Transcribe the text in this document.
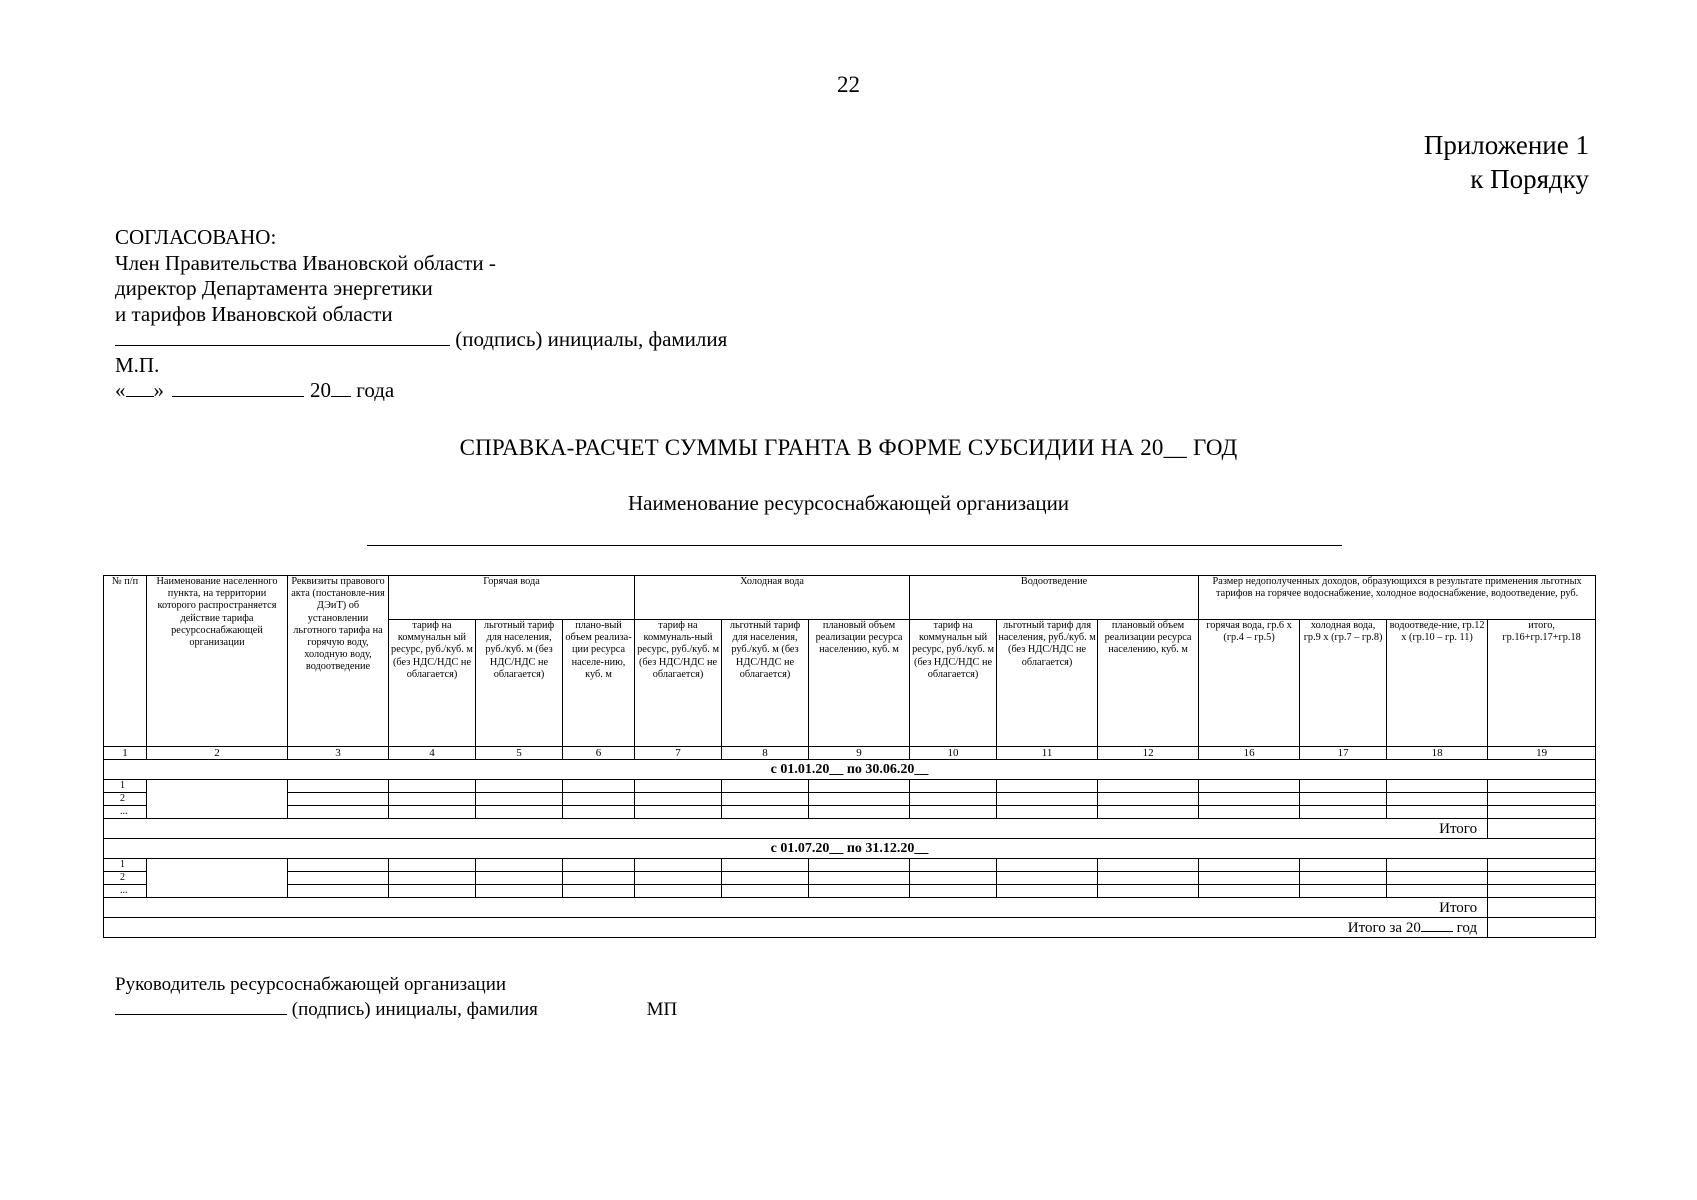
22
Приложение 1
к Порядку
СОГЛАСОВАНО:
Член Правительства Ивановской области -
директор Департамента энергетики
и тарифов Ивановской области
(подпись) инициалы, фамилия
М.П.
« »	20 года
СПРАВКА-РАСЧЕТ СУММЫ ГРАНТА В ФОРМЕ СУБСИДИИ НА 20__ ГОД
Наименование ресурсоснабжающей организации
№ п/п	Наименование населенного пункта, на территории которого распространяется действие тарифа ресурсоснабжающей организации	Реквизиты правового акта (постановле-ния ДЭиТ) об установлении льготного тарифа на горячую воду, холодную воду, водоотведение	Горячая вода			Холодная вода			Водоотведение			Размер недополученных доходов, образующихся в результате применения льготных тарифов на горячее водоснабжение, холодное водоснабжение, водоотведение, руб.			
			тариф на коммунальн ый ресурс, руб./куб. м (без НДС/НДС не облагается)	льготный тариф для населения, руб./куб. м (без НДС/НДС не облагается)	плано-вый объем реализа-ции ресурса населе-нию, куб. м	тариф на коммуналь-ный ресурс, руб./куб. м (без НДС/НДС не облагается)	льготный тариф для населения, руб./куб. м (без НДС/НДС не облагается)	плановый объем реализации ресурса населению, куб. м	тариф на коммунальн ый ресурс, руб./куб. м (без НДС/НДС не облагается)	льготный тариф для населения, руб./куб. м (без НДС/НДС не облагается)	плановый объем реализации ресурса населению, куб. м	горячая вода, гр.6 х (гр.4 – гр.5)	холодная вода, гр.9 х (гр.7 – гр.8)	водоотведе-ние, гр.12 х (гр.10 – гр. 11)	итого, гр.16+гр.17+гр.18
1	2	3	4	5	6	7	8	9	10	11	12	16	17	18	19
с 01.01.20__ по 30.06.20__															
1															
2															
...															
Итого															
с 01.07.20__ по 31.12.20__															
1															
2															
...															
Итого															
Итого за 20 год															
Руководитель ресурсоснабжающей организации
(подпись) инициалы, фамилия	МП
